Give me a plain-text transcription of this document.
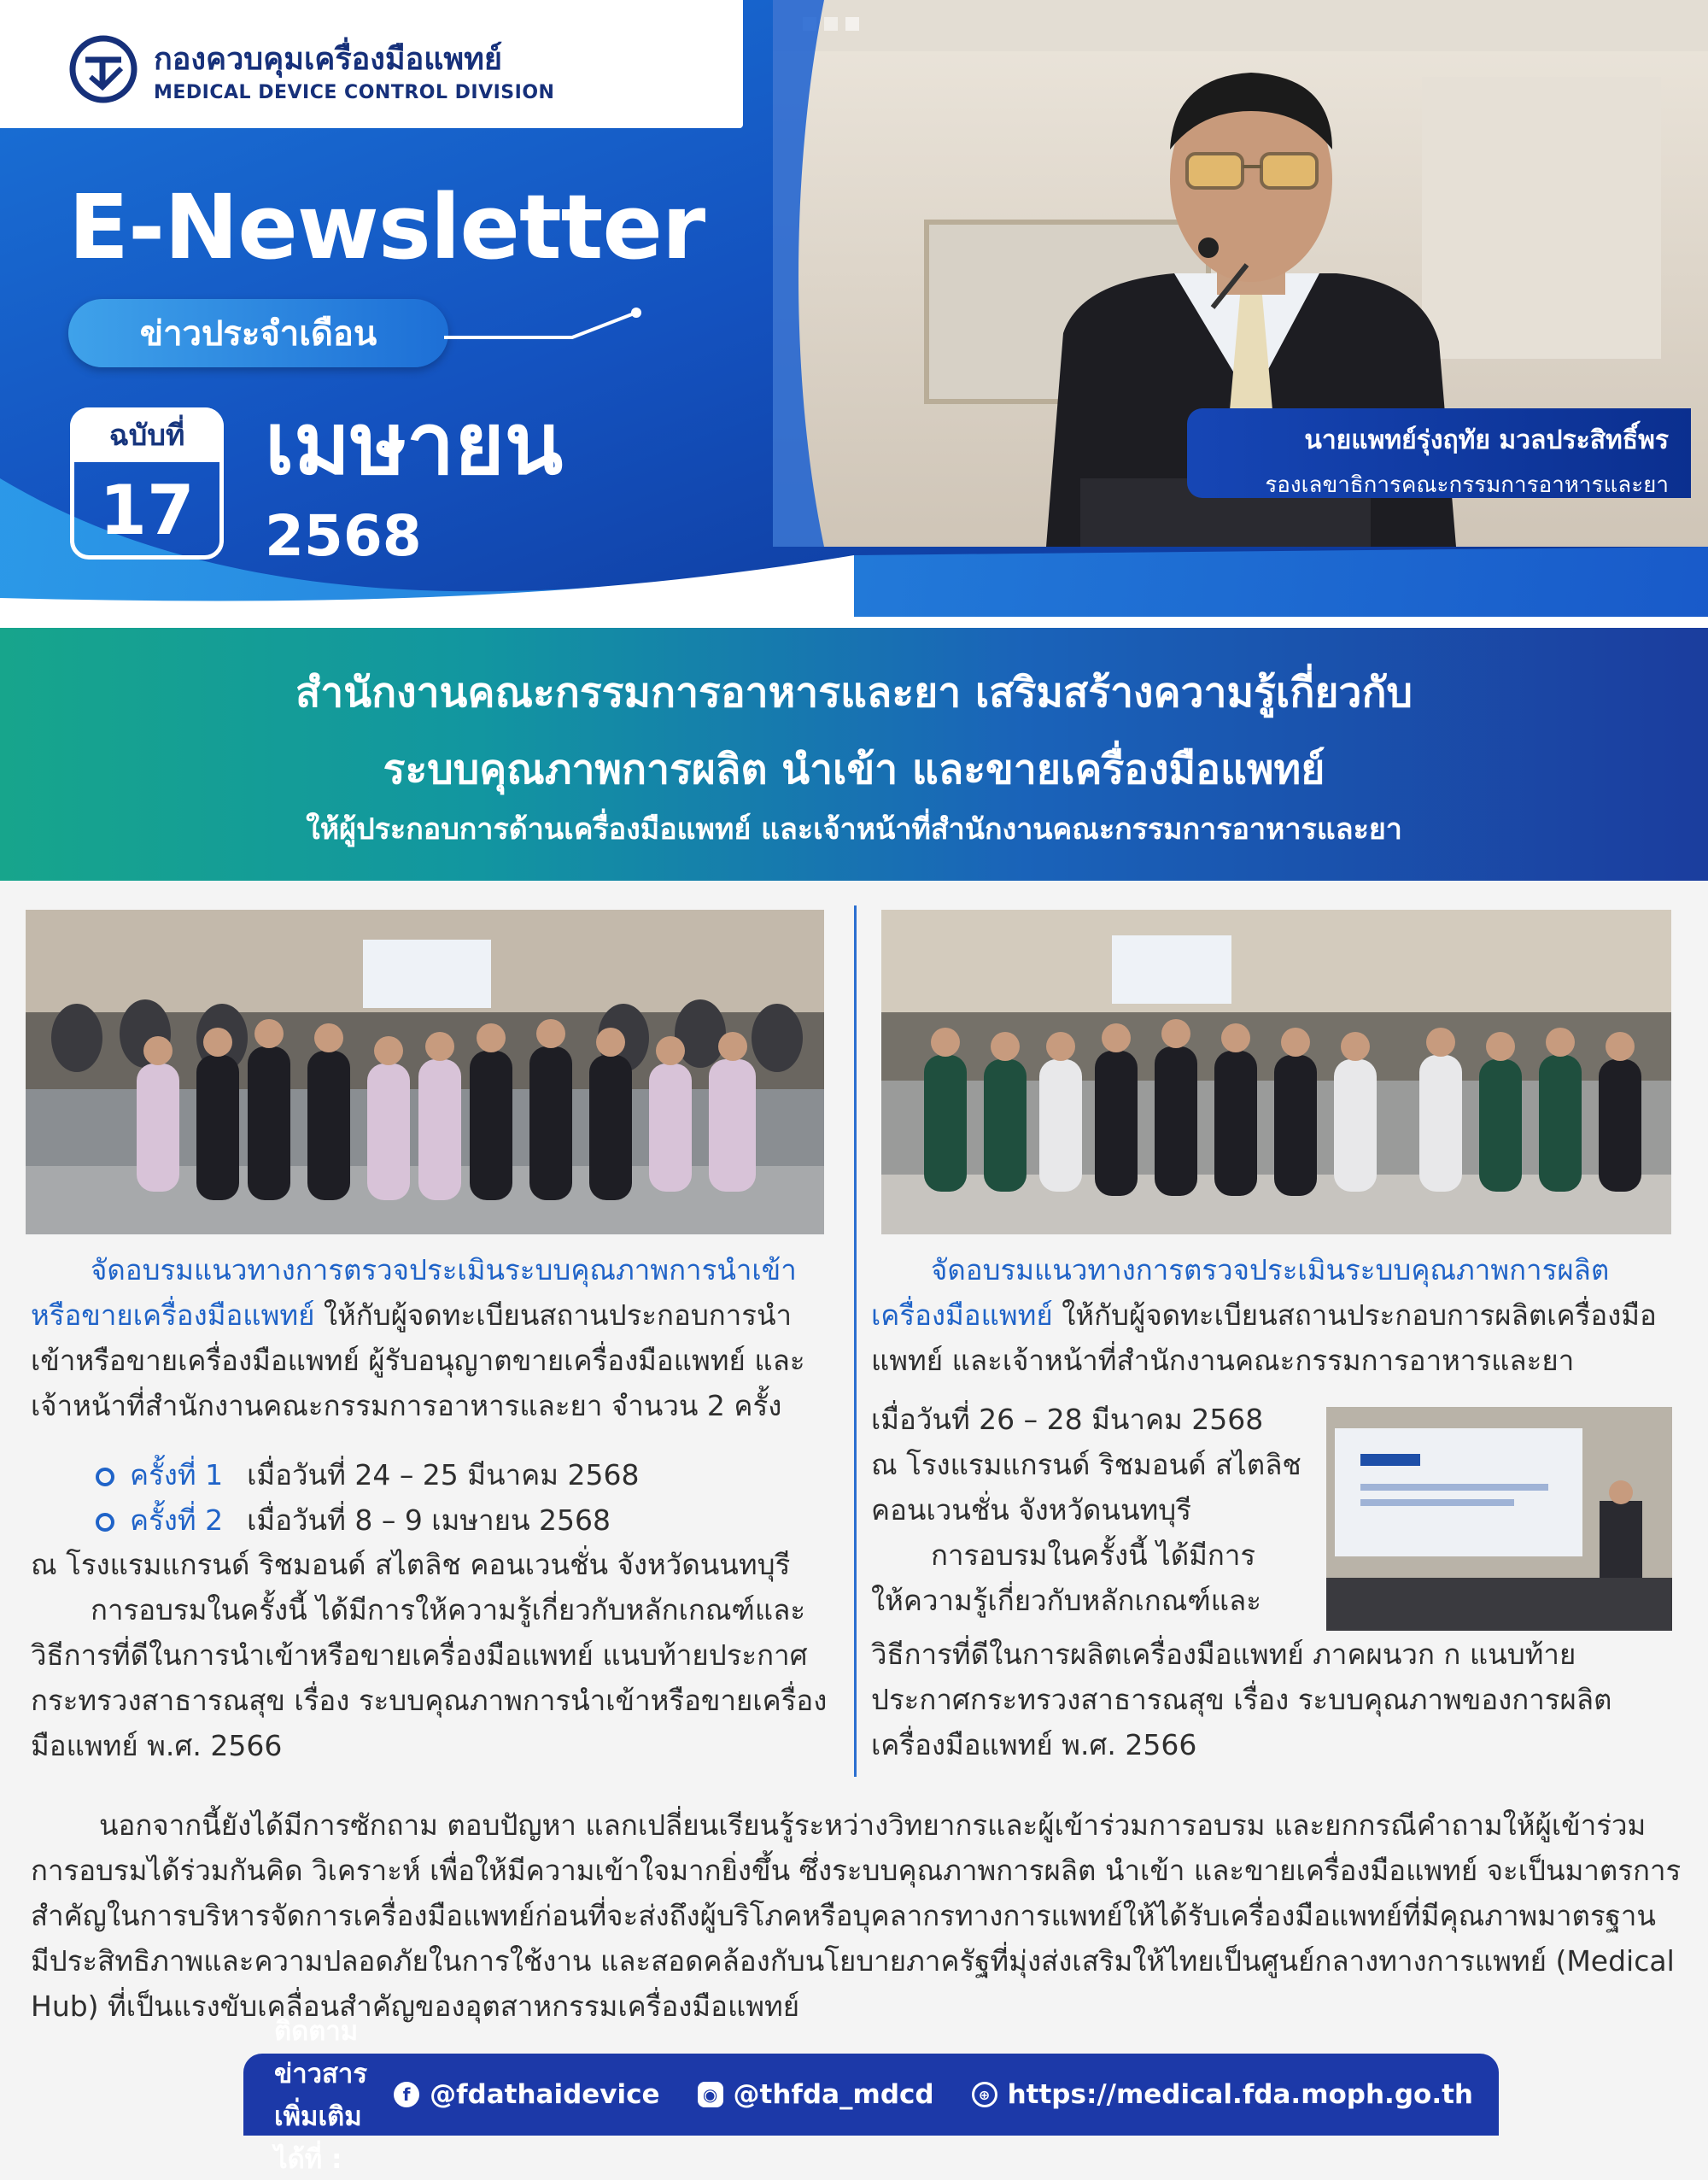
กองควบคุมเครื่องมือแพทย์
MEDICAL DEVICE CONTROL DIVISION
E-Newsletter
ข่าวประจำเดือน
ฉบับที่
17
เมษายน
2568
นายแพทย์รุ่งฤทัย มวลประสิทธิ์พร
รองเลขาธิการคณะกรรมการอาหารและยา
สำนักงานคณะกรรมการอาหารและยา เสริมสร้างความรู้เกี่ยวกับ
ระบบคุณภาพการผลิต นำเข้า และขายเครื่องมือแพทย์
ให้ผู้ประกอบการด้านเครื่องมือแพทย์ และเจ้าหน้าที่สำนักงานคณะกรรมการอาหารและยา
จัดอบรมแนวทางการตรวจประเมินระบบคุณภาพการนำเข้าหรือขายเครื่องมือแพทย์ ให้กับผู้จดทะเบียนสถานประกอบการนำเข้าหรือขายเครื่องมือแพทย์ ผู้รับอนุญาตขายเครื่องมือแพทย์ และเจ้าหน้าที่สำนักงานคณะกรรมการอาหารและยา จำนวน 2 ครั้ง
ครั้งที่ 1 เมื่อวันที่ 24 – 25 มีนาคม 2568
ครั้งที่ 2 เมื่อวันที่ 8 – 9 เมษายน 2568
ณ โรงแรมแกรนด์ ริชมอนด์ สไตลิช คอนเวนชั่น จังหวัดนนทบุรี
การอบรมในครั้งนี้ ได้มีการให้ความรู้เกี่ยวกับหลักเกณฑ์และวิธีการที่ดีในการนำเข้าหรือขายเครื่องมือแพทย์ แนบท้ายประกาศกระทรวงสาธารณสุข เรื่อง ระบบคุณภาพการนำเข้าหรือขายเครื่องมือแพทย์ พ.ศ. 2566
จัดอบรมแนวทางการตรวจประเมินระบบคุณภาพการผลิตเครื่องมือแพทย์ ให้กับผู้จดทะเบียนสถานประกอบการผลิตเครื่องมือแพทย์ และเจ้าหน้าที่สำนักงานคณะกรรมการอาหารและยา
เมื่อวันที่ 26 – 28 มีนาคม 2568
ณ โรงแรมแกรนด์ ริชมอนด์ สไตลิช
คอนเวนชั่น จังหวัดนนทบุรี
การอบรมในครั้งนี้ ได้มีการ
ให้ความรู้เกี่ยวกับหลักเกณฑ์และ
วิธีการที่ดีในการผลิตเครื่องมือแพทย์ ภาคผนวก ก แนบท้าย
ประกาศกระทรวงสาธารณสุข เรื่อง ระบบคุณภาพของการผลิต
เครื่องมือแพทย์ พ.ศ. 2566
นอกจากนี้ยังได้มีการซักถาม ตอบปัญหา แลกเปลี่ยนเรียนรู้ระหว่างวิทยากรและผู้เข้าร่วมการอบรม และยกกรณีคำถามให้ผู้เข้าร่วมการอบรมได้ร่วมกันคิด วิเคราะห์ เพื่อให้มีความเข้าใจมากยิ่งขึ้น ซึ่งระบบคุณภาพการผลิต นำเข้า และขายเครื่องมือแพทย์ จะเป็นมาตรการสำคัญในการบริหารจัดการเครื่องมือแพทย์ก่อนที่จะส่งถึงผู้บริโภคหรือบุคลากรทางการแพทย์ให้ได้รับเครื่องมือแพทย์ที่มีคุณภาพมาตรฐาน มีประสิทธิภาพและความปลอดภัยในการใช้งาน และสอดคล้องกับนโยบายภาครัฐที่มุ่งส่งเสริมให้ไทยเป็นศูนย์กลางทางการแพทย์ (Medical Hub) ที่เป็นแรงขับเคลื่อนสำคัญของอุตสาหกรรมเครื่องมือแพทย์
ติดตามข่าวสารเพิ่มเติมได้ที่ :
f @fdathaidevice	◉ @thfda_mdcd	⊕ https://medical.fda.moph.go.th
